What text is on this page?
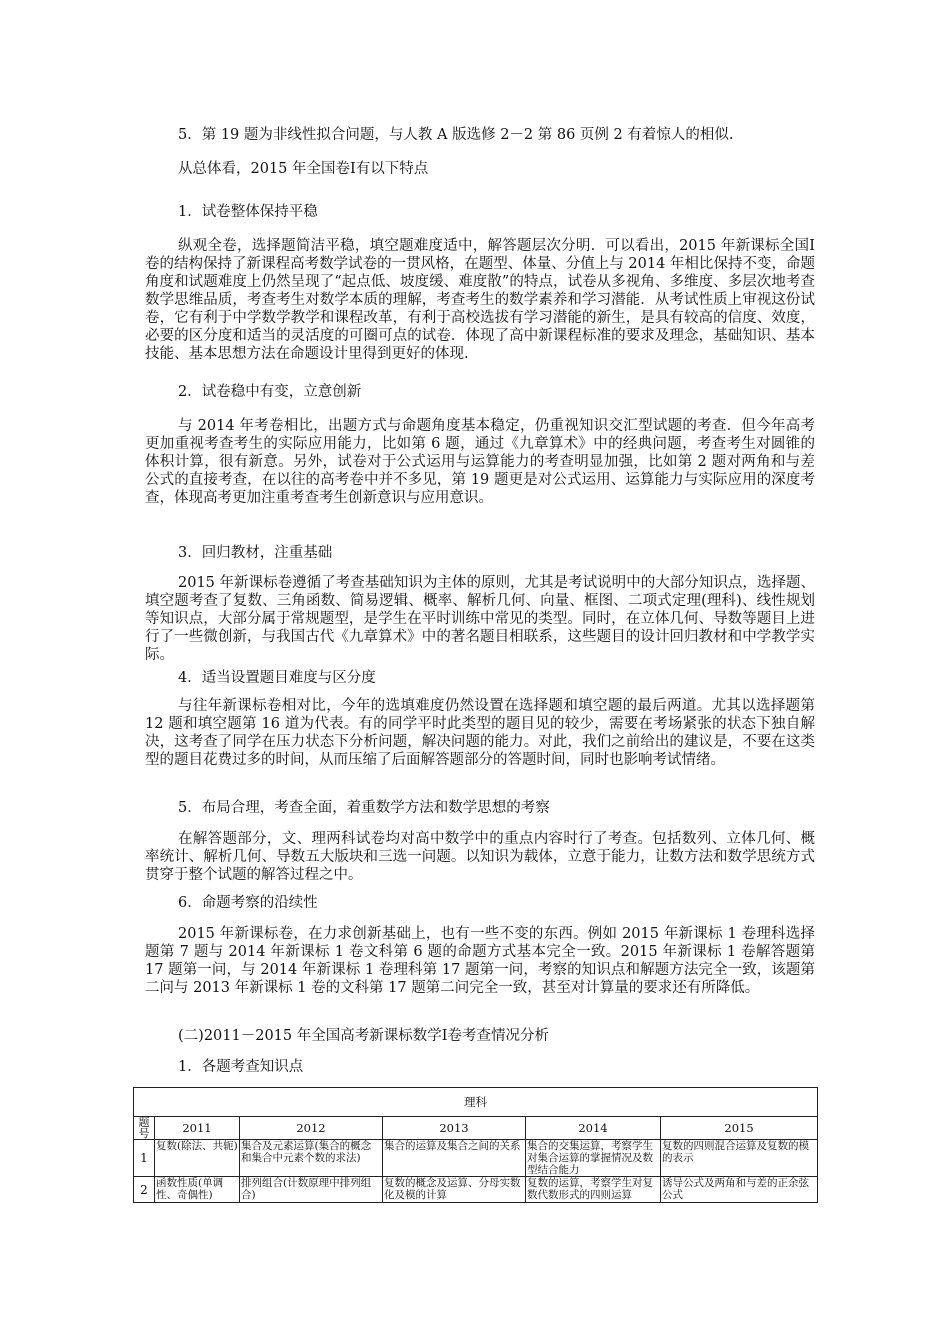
5．第 19 题为非线性拟合问题，与人教 A 版选修 2－2 第 86 页例 2 有着惊人的相似.
从总体看，2015 年全国卷Ⅰ有以下特点
1．试卷整体保持平稳
纵观全卷，选择题简洁平稳，填空题难度适中，解答题层次分明．可以看出，2015 年新课标全国Ⅰ卷的结构保持了新课程高考数学试卷的一贯风格，在题型、体量、分值上与 2014 年相比保持不变，命题角度和试题难度上仍然呈现了“起点低、坡度缓、难度散”的特点，试卷从多视角、多维度、多层次地考查数学思维品质，考查考生对数学本质的理解，考查考生的数学素养和学习潜能．从考试性质上审视这份试卷，它有利于中学数学教学和课程改革，有利于高校选拔有学习潜能的新生，是具有较高的信度、效度，必要的区分度和适当的灵活度的可圈可点的试卷．体现了高中新课程标准的要求及理念，基础知识、基本技能、基本思想方法在命题设计里得到更好的体现.
2．试卷稳中有变，立意创新
与 2014 年考卷相比，出题方式与命题角度基本稳定，仍重视知识交汇型试题的考查．但今年高考更加重视考查考生的实际应用能力，比如第 6 题，通过《九章算术》中的经典问题，考查考生对圆锥的体积计算，很有新意。另外，试卷对于公式运用与运算能力的考查明显加强，比如第 2 题对两角和与差公式的直接考查，在以往的高考卷中并不多见，第 19 题更是对公式运用、运算能力与实际应用的深度考查，体现高考更加注重考查考生创新意识与应用意识。
3．回归教材，注重基础
2015 年新课标卷遵循了考查基础知识为主体的原则，尤其是考试说明中的大部分知识点，选择题、填空题考查了复数、三角函数、简易逻辑、概率、解析几何、向量、框图、二项式定理(理科)、线性规划等知识点，大部分属于常规题型，是学生在平时训练中常见的类型。同时，在立体几何、导数等题目上进行了一些微创新，与我国古代《九章算术》中的著名题目相联系，这些题目的设计回归教材和中学教学实际。
4．适当设置题目难度与区分度
与往年新课标卷相对比，今年的选填难度仍然设置在选择题和填空题的最后两道。尤其以选择题第 12 题和填空题第 16 道为代表。有的同学平时此类型的题目见的较少，需要在考场紧张的状态下独自解决，这考查了同学在压力状态下分析问题，解决问题的能力。对此，我们之前给出的建议是，不要在这类型的题目花费过多的时间，从而压缩了后面解答题部分的答题时间，同时也影响考试情绪。
5．布局合理，考查全面，着重数学方法和数学思想的考察
在解答题部分，文、理两科试卷均对高中数学中的重点内容时行了考查。包括数列、立体几何、概率统计、解析几何、导数五大版块和三选一问题。以知识为载体，立意于能力，让数方法和数学思统方式贯穿于整个试题的解答过程之中。
6．命题考察的沿续性
2015 年新课标卷，在力求创新基础上，也有一些不变的东西。例如 2015 年新课标 1 卷理科选择题第 7 题与 2014 年新课标 1 卷文科第 6 题的命题方式基本完全一致。2015 年新课标 1 卷解答题第 17 题第一问，与 2014 年新课标 1 卷理科第 17 题第一问，考察的知识点和解题方法完全一致，该题第二问与 2013 年新课标 1 卷的文科第 17 题第二问完全一致，甚至对计算量的要求还有所降低。
(二)2011－2015 年全国高考新课标数学Ⅰ卷考查情况分析
1．各题考查知识点
理科					
题号	2011	2012	2013	2014	2015
1	复数(除法、共轭)	集合及元素运算(集合的概念和集合中元素个数的求法)	集合的运算及集合之间的关系	集合的交集运算，考察学生对集合运算的掌握情况及数型结合能力	复数的四则混合运算及复数的模的表示

2	函数性质(单调性、奇偶性)	排列组合(计数原理中排列组合)	复数的概念及运算、分母实数化及模的计算	复数的运算，考察学生对复数代数形式的四则运算	诱导公式及两角和与差的正余弦公式
